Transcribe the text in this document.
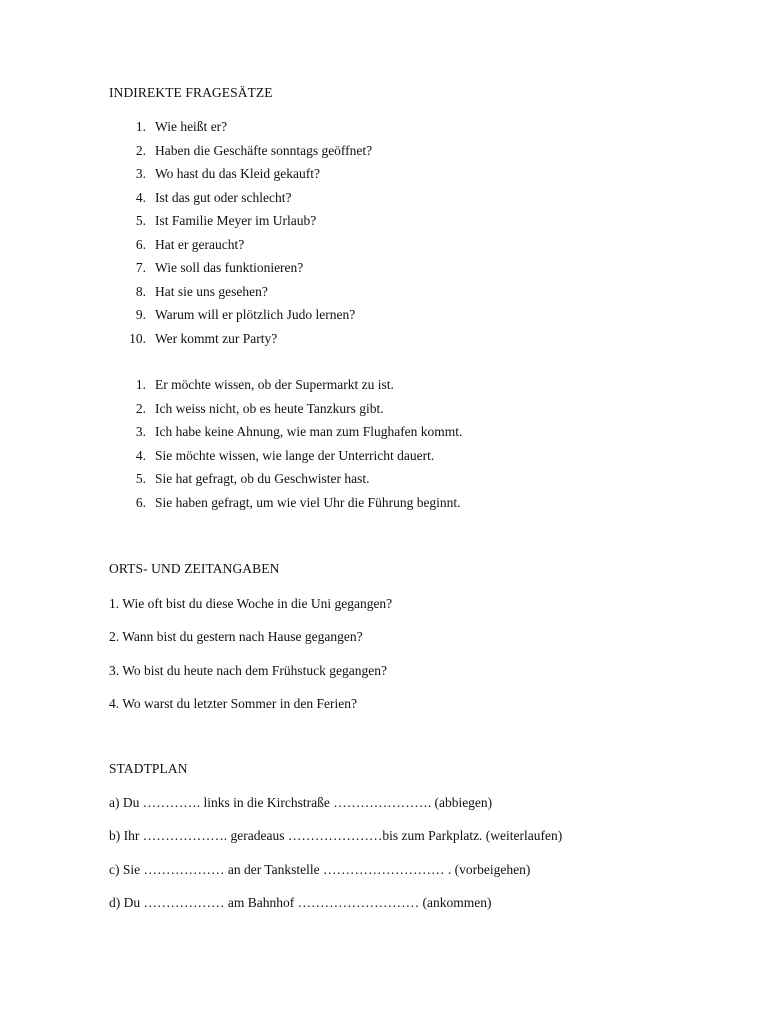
INDIREKTE FRAGESÄTZE
1. Wie heißt er?
2. Haben die Geschäfte sonntags geöffnet?
3. Wo hast du das Kleid gekauft?
4. Ist das gut oder schlecht?
5. Ist Familie Meyer im Urlaub?
6. Hat er geraucht?
7. Wie soll das funktionieren?
8. Hat sie uns gesehen?
9. Warum will er plötzlich Judo lernen?
10. Wer kommt zur Party?
1. Er möchte wissen, ob der Supermarkt zu ist.
2. Ich weiss nicht, ob es heute Tanzkurs gibt.
3. Ich habe keine Ahnung, wie man zum Flughafen kommt.
4. Sie möchte wissen, wie lange der Unterricht dauert.
5. Sie hat gefragt, ob du Geschwister hast.
6. Sie haben gefragt, um wie viel Uhr die Führung beginnt.
ORTS- UND ZEITANGABEN
1. Wie oft bist du diese Woche in die Uni gegangen?
2. Wann bist du gestern nach Hause gegangen?
3. Wo bist du heute nach dem Frühstuck gegangen?
4. Wo warst du letzter Sommer in den Ferien?
STADTPLAN
a) Du …………. links in die Kirchstraße …………………. (abbiegen)
b) Ihr ………………. geradeaus …………………bis zum Parkplatz. (weiterlaufen)
c) Sie ……………… an der Tankstelle ……………………… . (vorbeigehen)
d) Du ……………… am Bahnhof ……………………… (ankommen)
